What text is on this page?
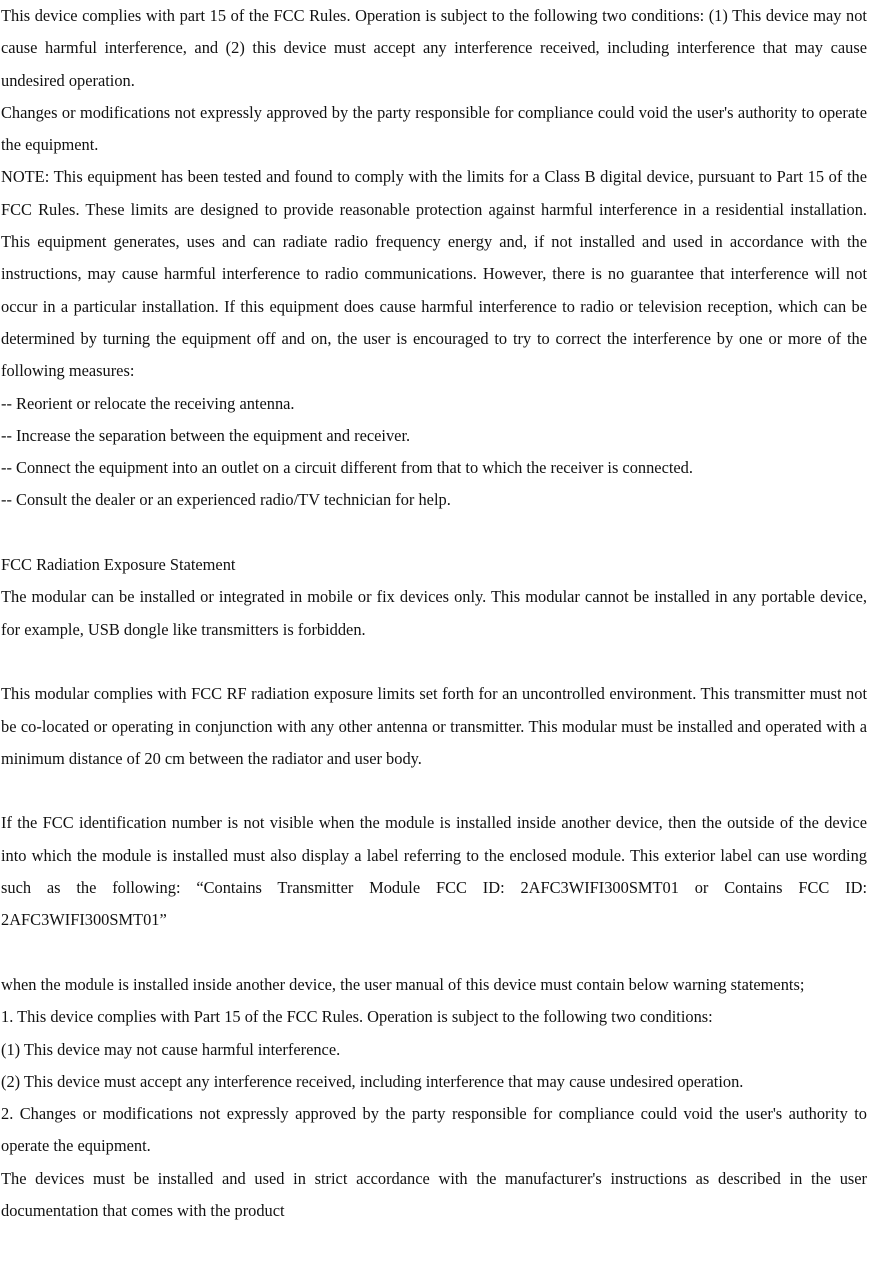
This device complies with part 15 of the FCC Rules. Operation is subject to the following two conditions: (1) This device may not cause harmful interference, and (2) this device must accept any interference received, including interference that may cause undesired operation.

Changes or modifications not expressly approved by the party responsible for compliance could void the user's authority to operate the equipment.

NOTE: This equipment has been tested and found to comply with the limits for a Class B digital device, pursuant to Part 15 of the FCC Rules. These limits are designed to provide reasonable protection against harmful interference in a residential installation. This equipment generates, uses and can radiate radio frequency energy and, if not installed and used in accordance with the instructions, may cause harmful interference to radio communications. However, there is no guarantee that interference will not occur in a particular installation. If this equipment does cause harmful interference to radio or television reception, which can be determined by turning the equipment off and on, the user is encouraged to try to correct the interference by one or more of the following measures:

-- Reorient or relocate the receiving antenna.

-- Increase the separation between the equipment and receiver.

-- Connect the equipment into an outlet on a circuit different from that to which the receiver is connected.

-- Consult the dealer or an experienced radio/TV technician for help.

FCC Radiation Exposure Statement

The modular can be installed or integrated in mobile or fix devices only. This modular cannot be installed in any portable device, for example, USB dongle like transmitters is forbidden.

This modular complies with FCC RF radiation exposure limits set forth for an uncontrolled environment. This transmitter must not be co-located or operating in conjunction with any other antenna or transmitter. This modular must be installed and operated with a minimum distance of 20 cm between the radiator and user body.

If the FCC identification number is not visible when the module is installed inside another device, then the outside of the device into which the module is installed must also display a label referring to the enclosed module. This exterior label can use wording such as the following: “Contains Transmitter Module FCC ID: 2AFC3WIFI300SMT01 or Contains FCC ID: 2AFC3WIFI300SMT01”

when the module is installed inside another device, the user manual of this device must contain below warning statements;

1. This device complies with Part 15 of the FCC Rules. Operation is subject to the following two conditions:

(1) This device may not cause harmful interference.

(2) This device must accept any interference received, including interference that may cause undesired operation.

2. Changes or modifications not expressly approved by the party responsible for compliance could void the user's authority to operate the equipment.

The devices must be installed and used in strict accordance with the manufacturer's instructions as described in the user documentation that comes with the product
